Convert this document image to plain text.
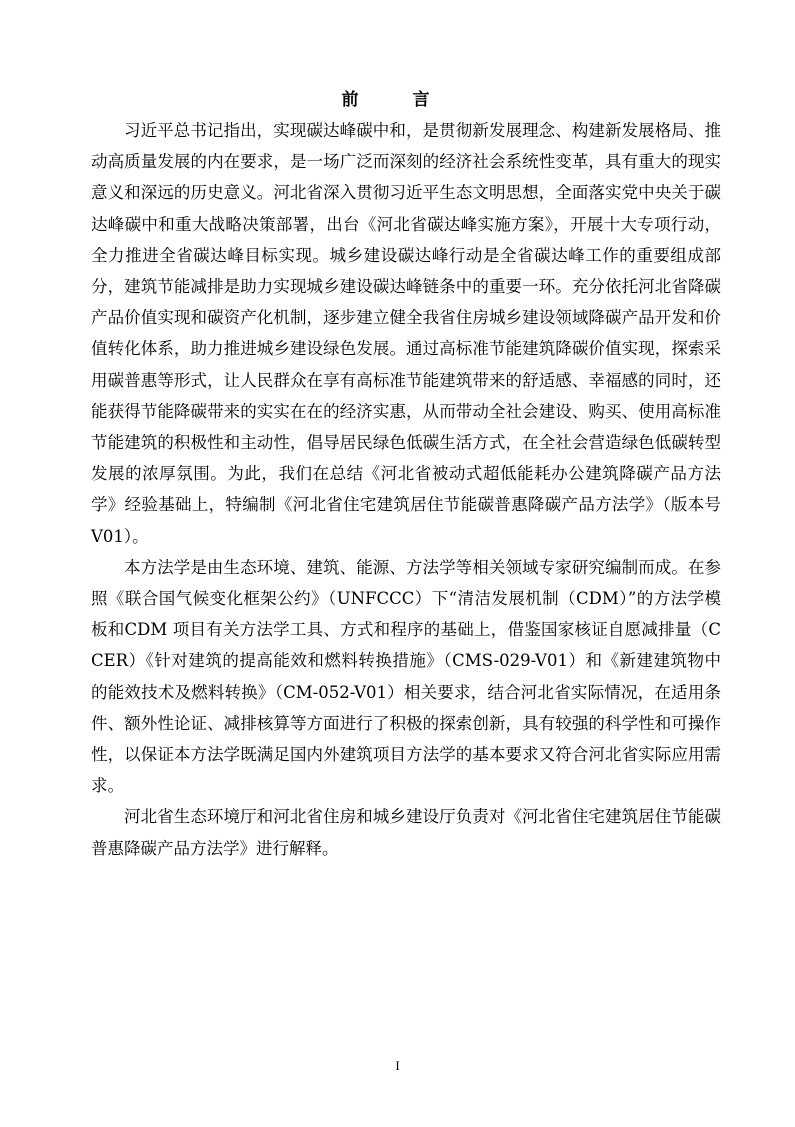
前 言

习近平总书记指出，实现碳达峰碳中和，是贯彻新发展理念、构建新发展格局、推动高质量发展的内在要求，是一场广泛而深刻的经济社会系统性变革，具有重大的现实意义和深远的历史意义。河北省深入贯彻习近平生态文明思想，全面落实党中央关于碳达峰碳中和重大战略决策部署，出台《河北省碳达峰实施方案》，开展十大专项行动，全力推进全省碳达峰目标实现。城乡建设碳达峰行动是全省碳达峰工作的重要组成部分，建筑节能减排是助力实现城乡建设碳达峰链条中的重要一环。充分依托河北省降碳产品价值实现和碳资产化机制，逐步建立健全我省住房城乡建设领域降碳产品开发和价值转化体系，助力推进城乡建设绿色发展。通过高标准节能建筑降碳价值实现，探索采用碳普惠等形式，让人民群众在享有高标准节能建筑带来的舒适感、幸福感的同时，还能获得节能降碳带来的实实在在的经济实惠，从而带动全社会建设、购买、使用高标准节能建筑的积极性和主动性，倡导居民绿色低碳生活方式，在全社会营造绿色低碳转型发展的浓厚氛围。为此，我们在总结《河北省被动式超低能耗办公建筑降碳产品方法学》经验基础上，特编制《河北省住宅建筑居住节能碳普惠降碳产品方法学》（版本号 V01）。

本方法学是由生态环境、建筑、能源、方法学等相关领域专家研究编制而成。在参照《联合国气候变化框架公约》（UNFCCC）下“清洁发展机制（CDM）”的方法学模板和CDM 项目有关方法学工具、方式和程序的基础上，借鉴国家核证自愿减排量（CCER）《针对建筑的提高能效和燃料转换措施》（CMS-029-V01）和《新建建筑物中的能效技术及燃料转换》（CM-052-V01）相关要求，结合河北省实际情况，在适用条件、额外性论证、减排核算等方面进行了积极的探索创新，具有较强的科学性和可操作性，以保证本方法学既满足国内外建筑项目方法学的基本要求又符合河北省实际应用需求。

河北省生态环境厅和河北省住房和城乡建设厅负责对《河北省住宅建筑居住节能碳普惠降碳产品方法学》进行解释。

I
